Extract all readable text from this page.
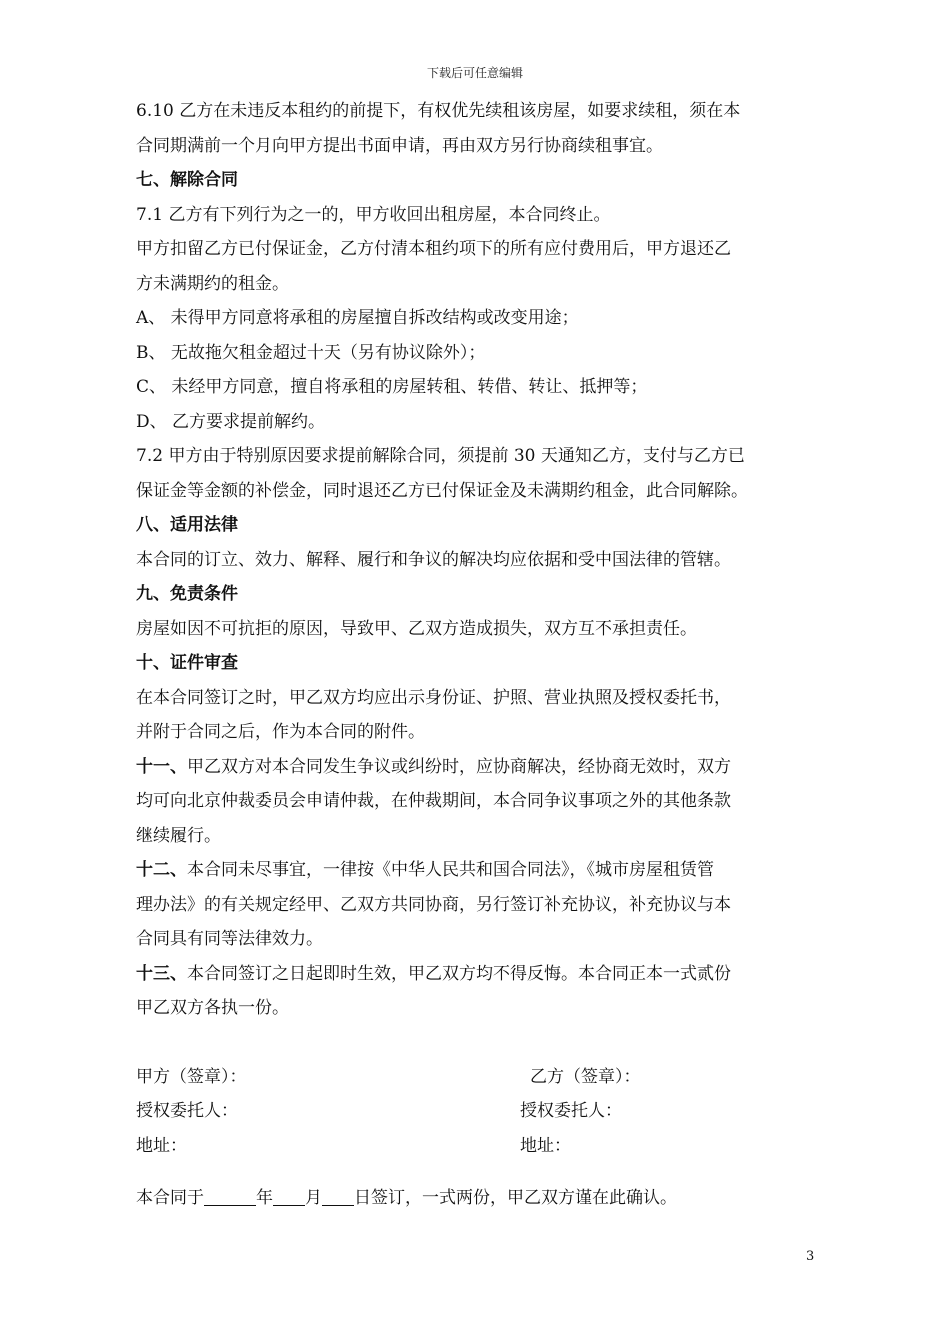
下载后可任意编辑

6.10 乙方在未违反本租约的前提下，有权优先续租该房屋，如要求续租，须在本

合同期满前一个月向甲方提出书面申请，再由双方另行协商续租事宜。

七、解除合同

7.1 乙方有下列行为之一的，甲方收回出租房屋，本合同终止。

甲方扣留乙方已付保证金，乙方付清本租约项下的所有应付费用后，甲方退还乙

方未满期约的租金。

A、 未得甲方同意将承租的房屋擅自拆改结构或改变用途；

B、 无故拖欠租金超过十天（另有协议除外）；

C、 未经甲方同意，擅自将承租的房屋转租、转借、转让、抵押等；

D、 乙方要求提前解约。

7.2 甲方由于特别原因要求提前解除合同，须提前 30 天通知乙方，支付与乙方已

保证金等金额的补偿金，同时退还乙方已付保证金及未满期约租金，此合同解除。

八、适用法律

本合同的订立、效力、解释、履行和争议的解决均应依据和受中国法律的管辖。

九、免责条件

房屋如因不可抗拒的原因，导致甲、乙双方造成损失，双方互不承担责任。

十、证件审查

在本合同签订之时，甲乙双方均应出示身份证、护照、营业执照及授权委托书，

并附于合同之后，作为本合同的附件。

十一、甲乙双方对本合同发生争议或纠纷时，应协商解决，经协商无效时，双方

均可向北京仲裁委员会申请仲裁，在仲裁期间，本合同争议事项之外的其他条款

继续履行。

十二、本合同未尽事宜，一律按《中华人民共和国合同法》，《城市房屋租赁管

理办法》的有关规定经甲、乙双方共同协商，另行签订补充协议，补充协议与本

合同具有同等法律效力。

十三、本合同签订之日起即时生效，甲乙双方均不得反悔。本合同正本一式贰份

甲乙双方各执一份。

甲方（签章）：	乙方（签章）：
授权委托人：	授权委托人：
地址：	地址：

本合同于	年 月 日签订，一式两份，甲乙双方谨在此确认。

3
